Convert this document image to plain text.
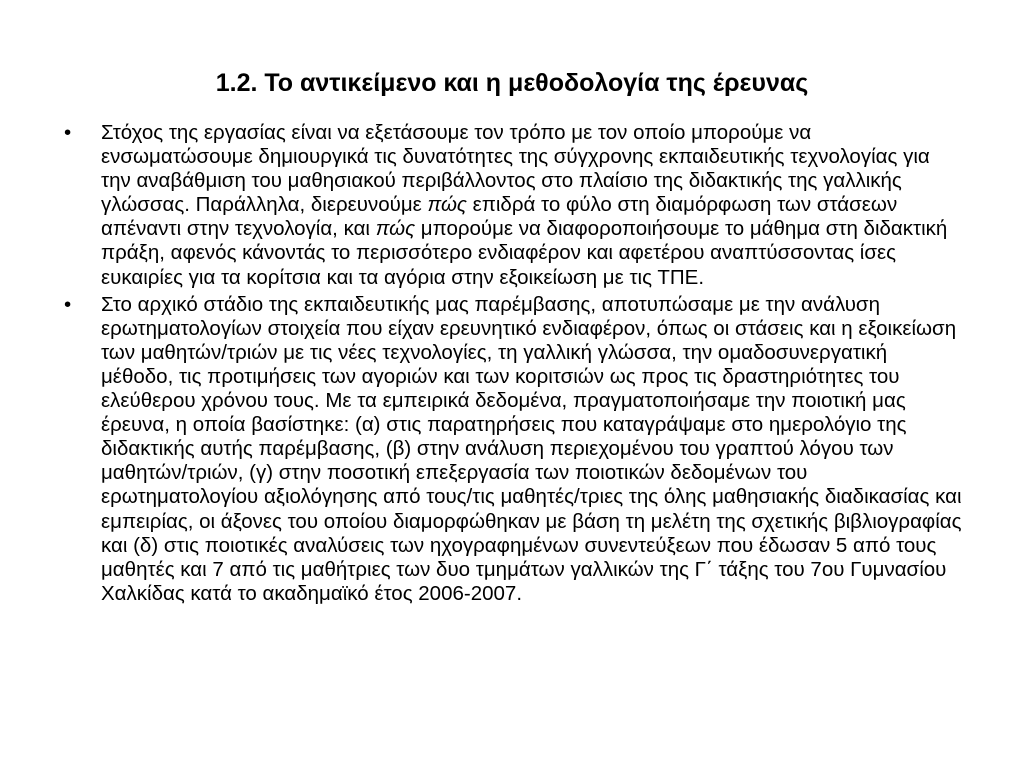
1.2. Το αντικείμενο και η μεθοδολογία της έρευνας
•	Στόχος της εργασίας είναι να εξετάσουμε τον τρόπο με τον οποίο μπορούμε να ενσωματώσουμε δημιουργικά τις δυνατότητες της σύγχρονης εκπαιδευτικής τεχνολογίας για την αναβάθμιση του μαθησιακού περιβάλλοντος στο πλαίσιο της διδακτικής της γαλλικής γλώσσας. Παράλληλα, διερευνούμε πώς επιδρά το φύλο στη διαμόρφωση των στάσεων απέναντι στην τεχνολογία, και πώς μπορούμε να διαφοροποιήσουμε το μάθημα στη διδακτική πράξη, αφενός κάνοντάς το περισσότερο ενδιαφέρον και αφετέρου αναπτύσσοντας ίσες ευκαιρίες για τα κορίτσια και τα αγόρια στην εξοικείωση με τις ΤΠΕ.
•	Στο αρχικό στάδιο της εκπαιδευτικής μας παρέμβασης, αποτυπώσαμε με την ανάλυση ερωτηματολογίων στοιχεία που είχαν ερευνητικό ενδιαφέρον, όπως οι στάσεις και η εξοικείωση των μαθητών/τριών με τις νέες τεχνολογίες, τη γαλλική γλώσσα, την ομαδοσυνεργατική μέθοδο, τις προτιμήσεις των αγοριών και των κοριτσιών ως προς τις δραστηριότητες του ελεύθερου χρόνου τους. Με τα εμπειρικά δεδομένα, πραγματοποιήσαμε την ποιοτική μας έρευνα, η οποία βασίστηκε: (α) στις παρατηρήσεις που καταγράψαμε στο ημερολόγιο της διδακτικής αυτής παρέμβασης, (β) στην ανάλυση περιεχομένου του γραπτού λόγου των μαθητών/τριών, (γ) στην ποσοτική επεξεργασία των ποιοτικών δεδομένων του ερωτηματολογίου αξιολόγησης από τους/τις μαθητές/τριες της όλης μαθησιακής διαδικασίας και εμπειρίας, οι άξονες του οποίου διαμορφώθηκαν με βάση τη μελέτη της σχετικής βιβλιογραφίας και (δ) στις ποιοτικές αναλύσεις των ηχογραφημένων συνεντεύξεων που έδωσαν 5 από τους μαθητές και 7 από τις μαθήτριες των δυο τμημάτων γαλλικών της Γ΄ τάξης του 7ου Γυμνασίου Χαλκίδας κατά το ακαδημαϊκό έτος 2006-2007.
